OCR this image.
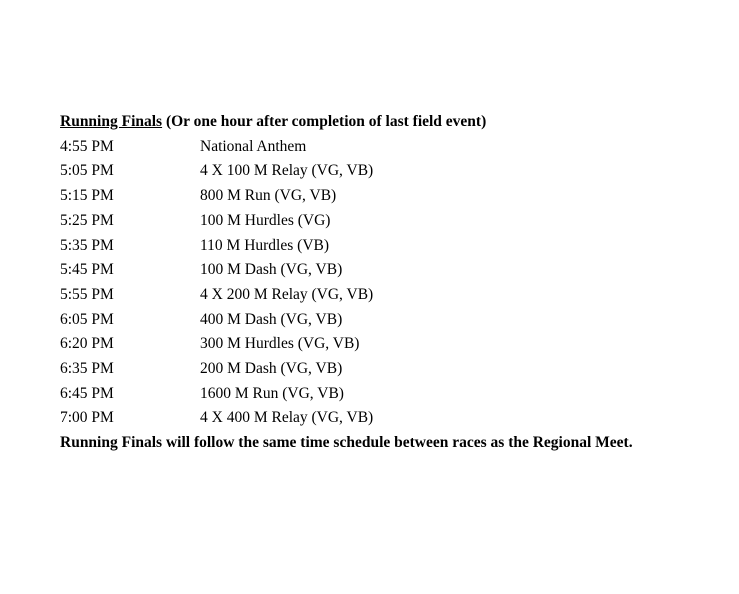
Running Finals (Or one hour after completion of last field event)
4:55 PM	National Anthem
5:05 PM	4 X 100 M Relay (VG, VB)
5:15 PM	800 M Run (VG, VB)
5:25 PM	100 M Hurdles (VG)
5:35 PM	110 M Hurdles (VB)
5:45 PM	100 M Dash (VG, VB)
5:55 PM	4 X 200 M Relay (VG, VB)
6:05 PM	400 M Dash (VG, VB)
6:20 PM	300 M Hurdles (VG, VB)
6:35 PM	200 M Dash (VG, VB)
6:45 PM	1600 M Run (VG, VB)
7:00 PM	4 X 400 M Relay (VG, VB)
Running Finals will follow the same time schedule between races as the Regional Meet.
